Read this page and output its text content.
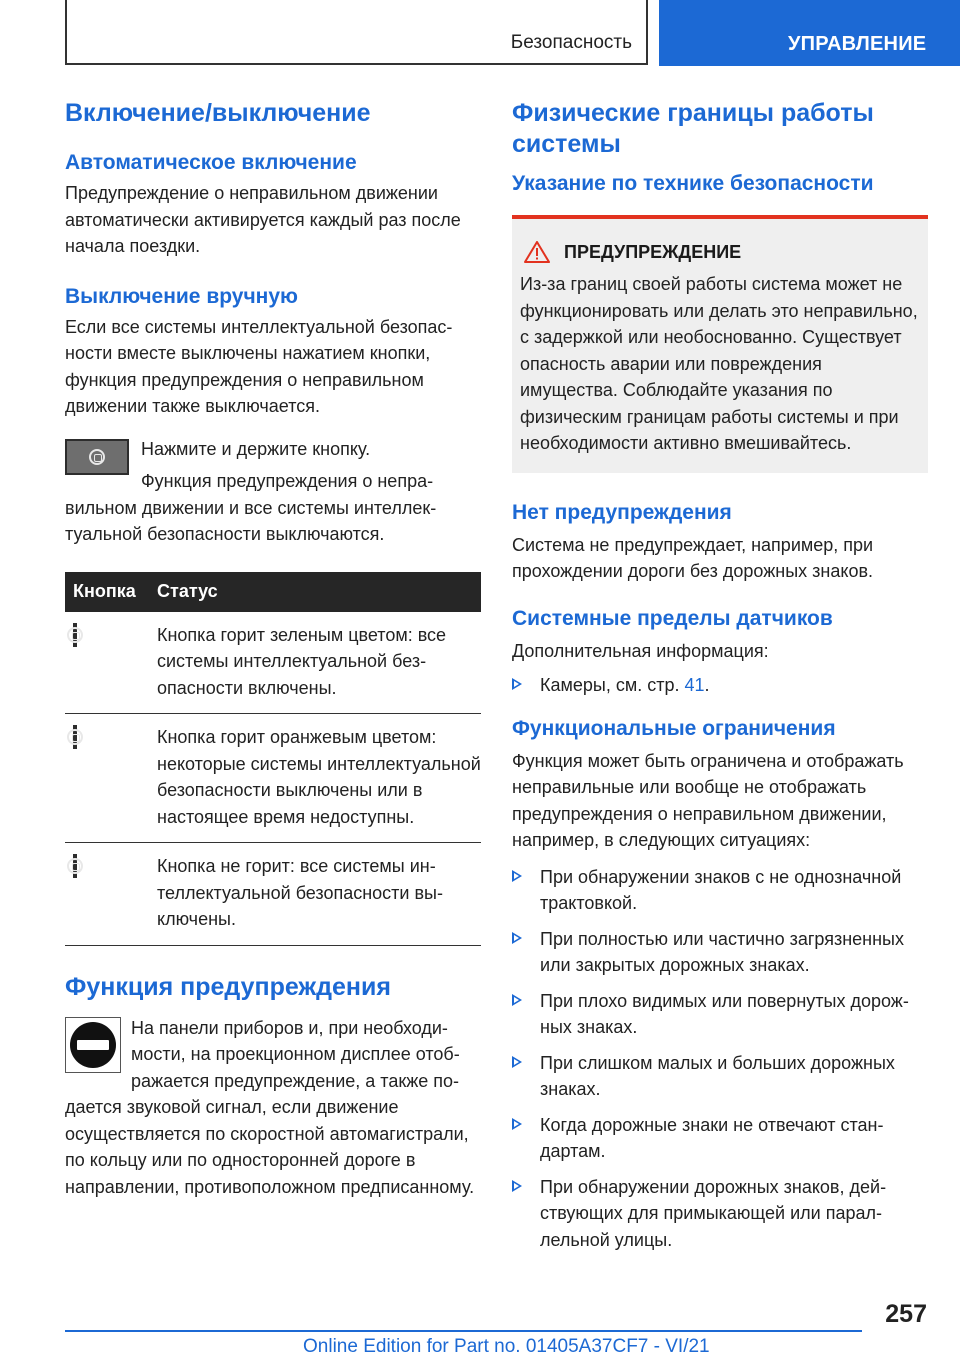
Безопасность	УПРАВЛЕНИЕ
Включение/выключение
Автоматическое включение

Предупреждение о неправильном движении автоматически активируется каждый раз после начала поездки.

Выключение вручную

Если все системы интеллектуальной безопасности вместе выключены нажатием кнопки, функция предупреждения о неправильном движении также выключается.

Нажмите и держите кнопку.

Функция предупреждения о неправильном движении и все системы интеллектуальной безопасности выключаются.

Кнопка	Статус

	Кнопка горит зеленым цветом: все системы интеллектуальной безопасности включены.

	Кнопка горит оранжевым цветом: некоторые системы интеллектуальной безопасности выключены или в настоящее время недоступны.

	Кнопка не горит: все системы интеллектуальной безопасности выключены.
Функция предупреждения

На панели приборов и, при необходимости, на проекционном дисплее отображается предупреждение, а также подается звуковой сигнал, если движение осуществляется по скоростной автомагистрали, по кольцу или по односторонней дороге в направлении, противоположном предписанному.

Физические границы работы системы
Указание по технике безопасности
ПРЕДУПРЕЖДЕНИЕ

Из-за границ своей работы система может не функционировать или делать это неправильно, с задержкой или необоснованно. Существует опасность аварии или повреждения имущества. Соблюдайте указания по физическим границам работы системы и при необходимости активно вмешивайтесь.

Нет предупреждения

Система не предупреждает, например, при прохождении дороги без дорожных знаков.

Системные пределы датчиков

Дополнительная информация:

Камеры, см. стр. 41.
Функциональные ограничения

Функция может быть ограничена и отображать неправильные или вообще не отображать предупреждения о неправильном движении, например, в следующих ситуациях:

При обнаружении знаков с не однозначной трактовкой.
При полностью или частично загрязненных или закрытых дорожных знаках.
При плохо видимых или повернутых дорожных знаках.
При слишком малых и больших дорожных знаках.
Когда дорожные знаки не отвечают стандартам.
При обнаружении дорожных знаков, действующих для примыкающей или параллельной улицы.
257
Online Edition for Part no. 01405A37CF7 - VI/21
